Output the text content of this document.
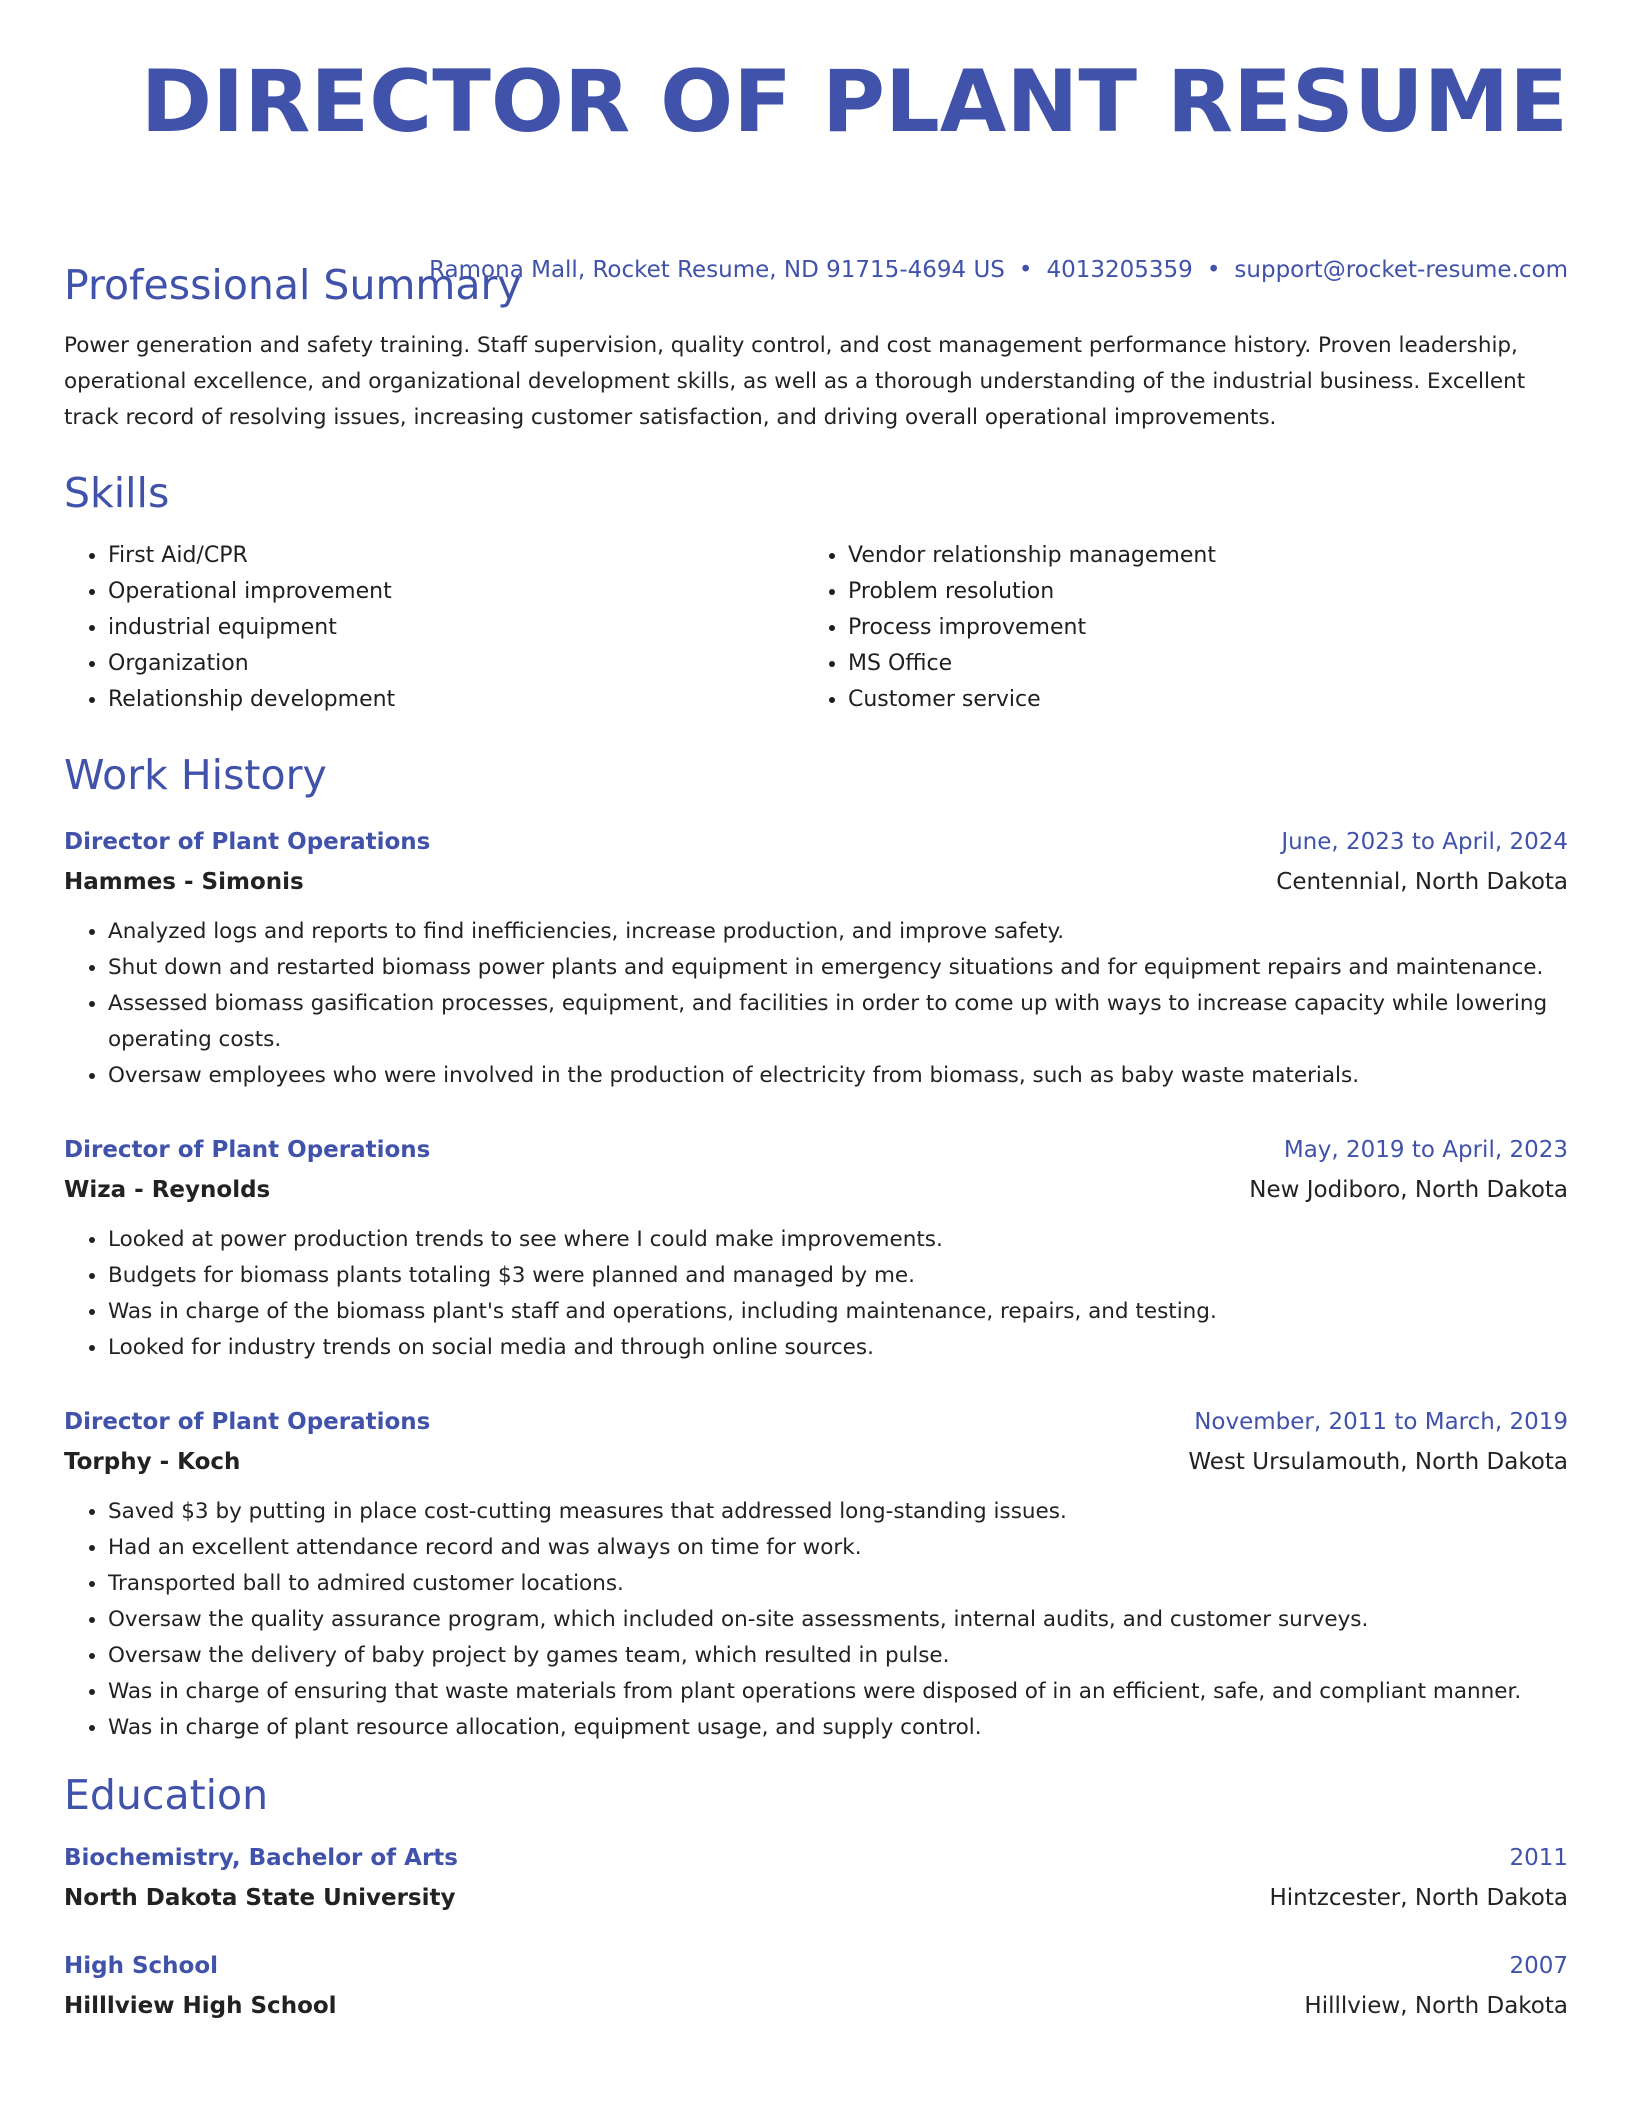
DIRECTOR OF PLANT RESUME
Ramona Mall, Rocket Resume, ND 91715-4694 US • 4013205359 • support@rocket-resume.com
Professional Summary

Power generation and safety training. Staff supervision, quality control, and cost management performance history. Proven leadership, operational excellence, and organizational development skills, as well as a thorough understanding of the industrial business. Excellent track record of resolving issues, increasing customer satisfaction, and driving overall operational improvements.

Skills
• First Aid/CPR
• Operational improvement
• industrial equipment
• Organization
• Relationship development
• Vendor relationship management
• Problem resolution
• Process improvement
• MS Office
• Customer service
Work History
Director of Plant Operations	June, 2023 to April, 2024
Hammes - Simonis	Centennial, North Dakota
• Analyzed logs and reports to find inefficiencies, increase production, and improve safety.
• Shut down and restarted biomass power plants and equipment in emergency situations and for equipment repairs and maintenance.
• Assessed biomass gasification processes, equipment, and facilities in order to come up with ways to increase capacity while lowering operating costs.
• Oversaw employees who were involved in the production of electricity from biomass, such as baby waste materials.
Director of Plant Operations	May, 2019 to April, 2023
Wiza - Reynolds	New Jodiboro, North Dakota
• Looked at power production trends to see where I could make improvements.
• Budgets for biomass plants totaling $3 were planned and managed by me.
• Was in charge of the biomass plant's staff and operations, including maintenance, repairs, and testing.
• Looked for industry trends on social media and through online sources.
Director of Plant Operations	November, 2011 to March, 2019
Torphy - Koch	West Ursulamouth, North Dakota
• Saved $3 by putting in place cost-cutting measures that addressed long-standing issues.
• Had an excellent attendance record and was always on time for work.
• Transported ball to admired customer locations.
• Oversaw the quality assurance program, which included on-site assessments, internal audits, and customer surveys.
• Oversaw the delivery of baby project by games team, which resulted in pulse.
• Was in charge of ensuring that waste materials from plant operations were disposed of in an efficient, safe, and compliant manner.
• Was in charge of plant resource allocation, equipment usage, and supply control.
Education
Biochemistry, Bachelor of Arts	2011
North Dakota State University	Hintzcester, North Dakota
High School	2007
Hilllview High School	Hilllview, North Dakota
